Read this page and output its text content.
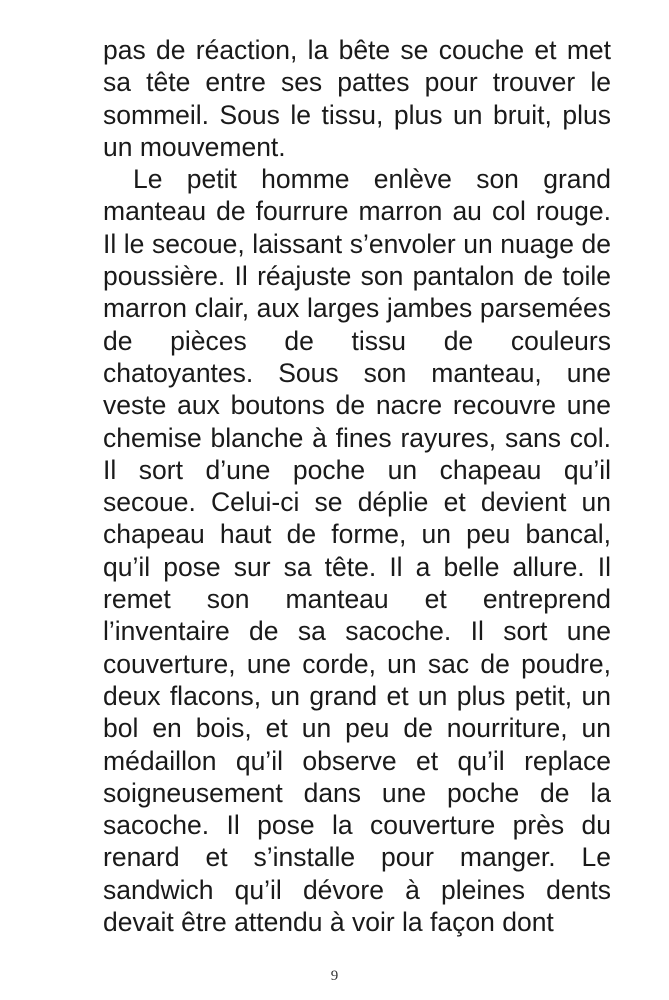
pas de réaction, la bête se couche et met sa tête entre ses pattes pour trouver le sommeil. Sous le tissu, plus un bruit, plus un mouvement.

Le petit homme enlève son grand manteau de fourrure marron au col rouge. Il le secoue, laissant s’envoler un nuage de poussière. Il réajuste son pantalon de toile marron clair, aux larges jambes parsemées de pièces de tissu de couleurs chatoyantes. Sous son manteau, une veste aux boutons de nacre recouvre une chemise blanche à fines rayures, sans col. Il sort d’une poche un chapeau qu’il secoue. Celui-ci se déplie et devient un chapeau haut de forme, un peu bancal, qu’il pose sur sa tête. Il a belle allure. Il remet son manteau et entreprend l’inventaire de sa sacoche. Il sort une couverture, une corde, un sac de poudre, deux flacons, un grand et un plus petit, un bol en bois, et un peu de nourriture, un médaillon qu’il observe et qu’il replace soigneusement dans une poche de la sacoche. Il pose la couverture près du renard et s’installe pour manger. Le sandwich qu’il dévore à pleines dents devait être attendu à voir la façon dont

9
